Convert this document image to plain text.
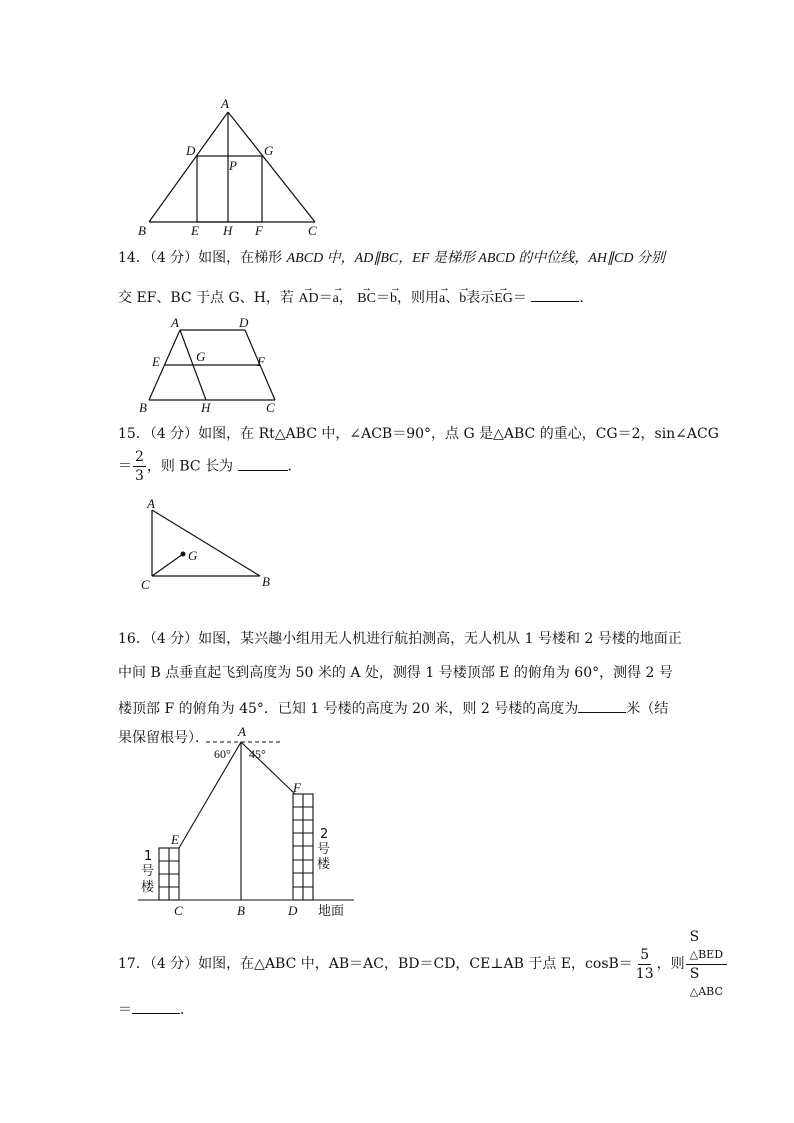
A
D	G
P
B	E H F	C
14．（4 分）如图，在梯形 ABCD 中，AD∥BC，EF 是梯形 ABCD 的中位线，AH∥CD 分别
交 EF、BC 于点 G、H，若 → AD＝→ a， → BC＝→ b，则用→ a、→ b表示→ EG＝	．
A	D
E	G	F
B	H	C
15．（4 分）如图，在 Rt△ABC 中，∠ACB＝90°，点 G 是△ABC 的重心，CG＝2，sin∠ACG
＝ $\frac{2}{3}$ ，则 BC 长为	．
A
G
C	B
16．（4 分）如图，某兴趣小组用无人机进行航拍测高，无人机从 1 号楼和 2 号楼的地面正
中间 B 点垂直起飞到高度为 50 米的 A 处，测得 1 号楼顶部 E 的俯角为 60°，测得 2 号
楼顶部 F 的俯角为 45°．已知 1 号楼的高度为 20 米，则 2 号楼的高度为	米（结
果保留根号）．	A
60° 45°
E
F
C	B	D
1
号
楼
2
号
楼
地面
17．（4 分）如图，在△ABC 中，AB＝AC，BD＝CD，CE⊥AB 于点 E，$\cos B= \frac{5}{13}$ ，则 S
△BED
S
△ABC
＝	．
